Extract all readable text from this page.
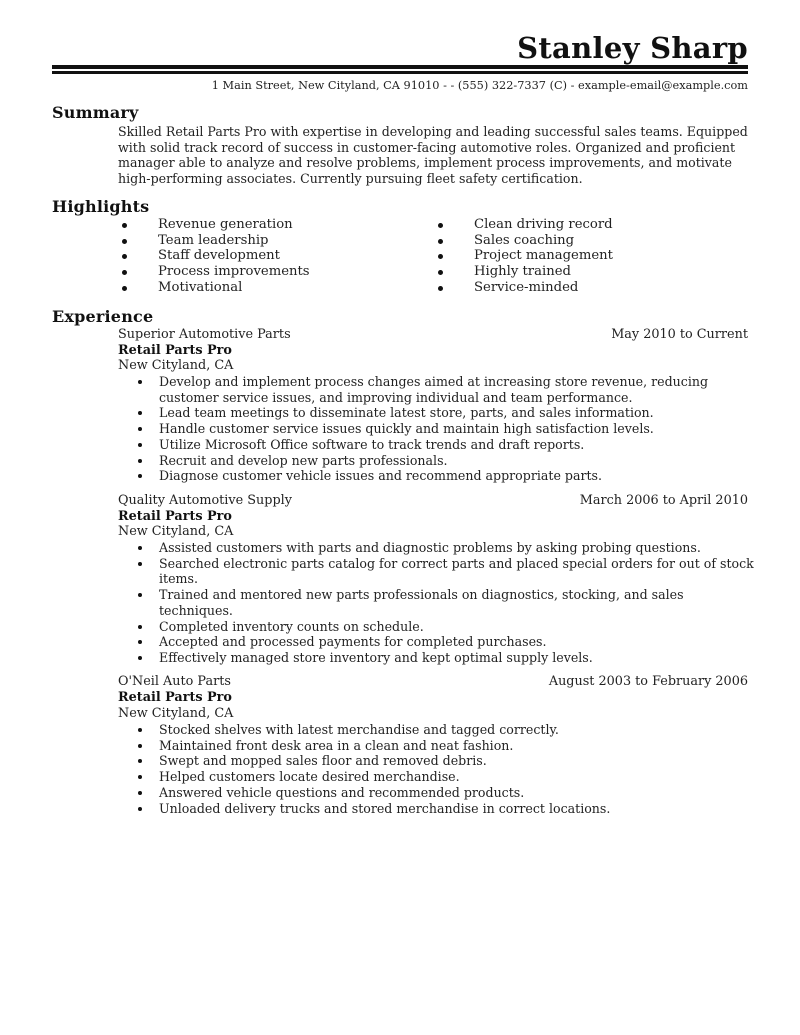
Stanley Sharp
1 Main Street, New Cityland, CA 91010 - - (555) 322-7337 (C) - example-email@example.com
Summary
Skilled Retail Parts Pro with expertise in developing and leading successful sales teams. Equipped
with solid track record of success in customer-facing automotive roles. Organized and proficient
manager able to analyze and resolve problems, implement process improvements, and motivate
high-performing associates. Currently pursuing fleet safety certification.
Highlights
Revenue generation
Team leadership
Staff development
Process improvements
Motivational
Clean driving record
Sales coaching
Project management
Highly trained
Service-minded
Experience
Superior Automotive Parts	May 2010 to Current
Retail Parts Pro
New Cityland, CA
Develop and implement process changes aimed at increasing store revenue, reducing
customer service issues, and improving individual and team performance.
Lead team meetings to disseminate latest store, parts, and sales information.
Handle customer service issues quickly and maintain high satisfaction levels.
Utilize Microsoft Office software to track trends and draft reports.
Recruit and develop new parts professionals.
Diagnose customer vehicle issues and recommend appropriate parts.
Quality Automotive Supply	March 2006 to April 2010
Retail Parts Pro
New Cityland, CA
Assisted customers with parts and diagnostic problems by asking probing questions.
Searched electronic parts catalog for correct parts and placed special orders for out of stock
items.
Trained and mentored new parts professionals on diagnostics, stocking, and sales
techniques.
Completed inventory counts on schedule.
Accepted and processed payments for completed purchases.
Effectively managed store inventory and kept optimal supply levels.
O'Neil Auto Parts	August 2003 to February 2006
Retail Parts Pro
New Cityland, CA
Stocked shelves with latest merchandise and tagged correctly.
Maintained front desk area in a clean and neat fashion.
Swept and mopped sales floor and removed debris.
Helped customers locate desired merchandise.
Answered vehicle questions and recommended products.
Unloaded delivery trucks and stored merchandise in correct locations.
